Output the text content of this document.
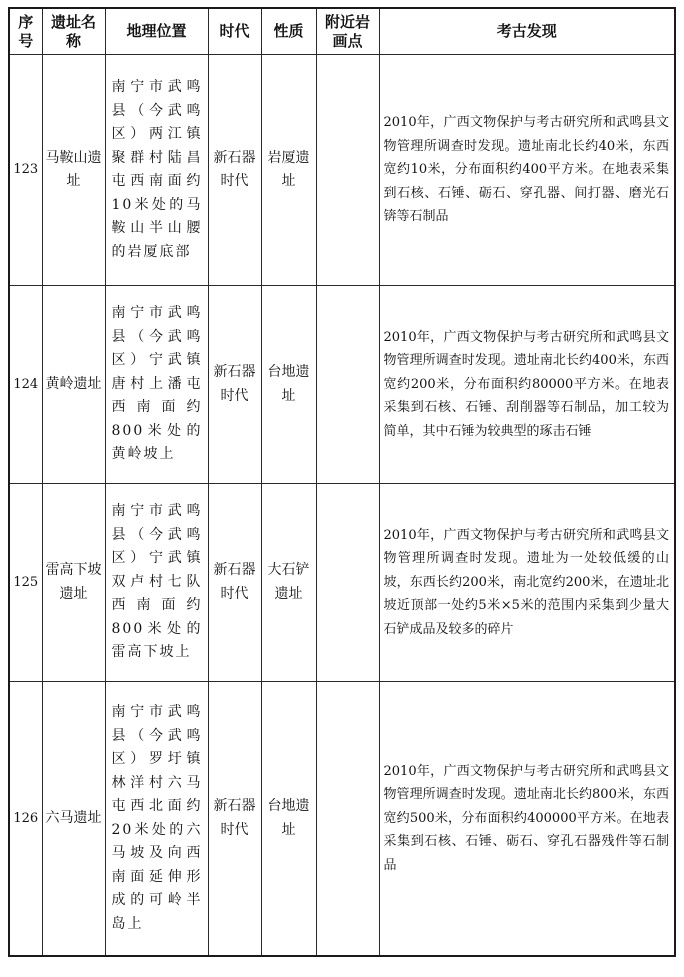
序号	遗址名称	地理位置	时代	性质	附近岩画点	考古发现
123	马鞍山遗址	南宁市武鸣县（今武鸣区）两江镇聚群村陆昌屯西南面约10米处的马鞍山半山腰的岩厦底部	新石器时代	岩厦遗址		2010年，广西文物保护与考古研究所和武鸣县文物管理所调查时发现。遗址南北长约40米，东西宽约10米，分布面积约400平方米。在地表采集到石核、石锤、砺石、穿孔器、间打器、磨光石锛等石制品
124	黄岭遗址	南宁市武鸣县（今武鸣区）宁武镇唐村上潘屯西南面约800米处的黄岭坡上	新石器时代	台地遗址		2010年，广西文物保护与考古研究所和武鸣县文物管理所调查时发现。遗址南北长约400米，东西宽约200米，分布面积约80000平方米。在地表采集到石核、石锤、刮削器等石制品，加工较为简单，其中石锤为较典型的琢击石锤
125	雷高下坡遗址	南宁市武鸣县（今武鸣区）宁武镇双卢村七队西南面约800米处的雷高下坡上	新石器时代	大石铲遗址		2010年，广西文物保护与考古研究所和武鸣县文物管理所调查时发现。遗址为一处较低缓的山坡，东西长约200米，南北宽约200米，在遗址北坡近顶部一处约5米×5米的范围内采集到少量大石铲成品及较多的碎片
126	六马遗址	南宁市武鸣县（今武鸣区）罗圩镇林洋村六马屯西北面约20米处的六马坡及向西南面延伸形成的可岭半岛上	新石器时代	台地遗址		2010年，广西文物保护与考古研究所和武鸣县文物管理所调查时发现。遗址南北长约800米，东西宽约500米，分布面积约400000平方米。在地表采集到石核、石锤、砺石、穿孔石器残件等石制品
